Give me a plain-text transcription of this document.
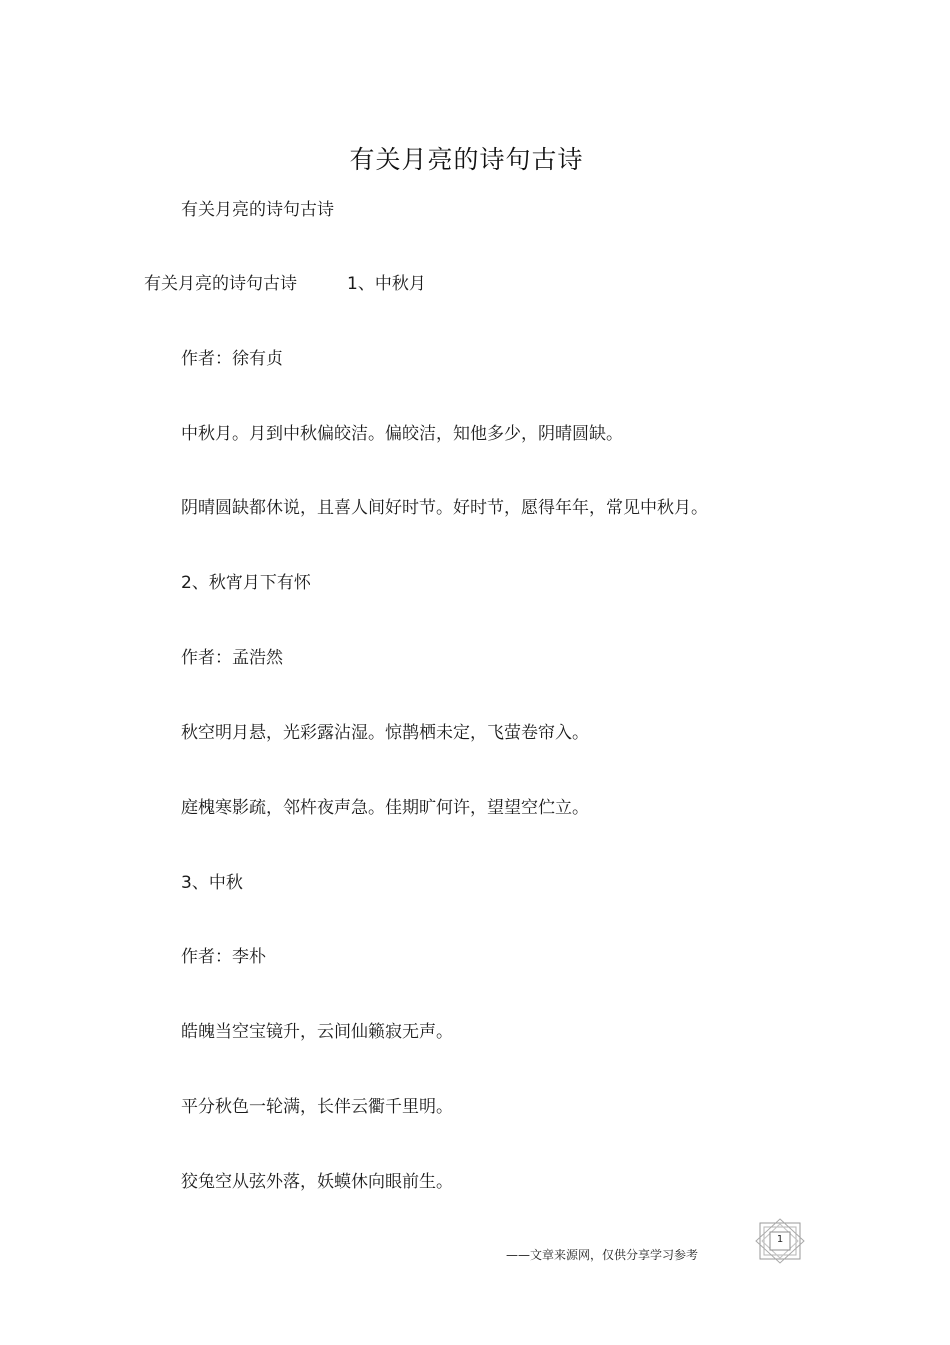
有关月亮的诗句古诗
有关月亮的诗句古诗
有关月亮的诗句古诗	1、中秋月
作者：徐有贞
中秋月。月到中秋偏皎洁。偏皎洁，知他多少，阴晴圆缺。
阴晴圆缺都休说，且喜人间好时节。好时节，愿得年年，常见中秋月。
2、秋宵月下有怀
作者：孟浩然
秋空明月悬，光彩露沾湿。惊鹊栖未定，飞萤卷帘入。
庭槐寒影疏，邻杵夜声急。佳期旷何许，望望空伫立。
3、中秋
作者：李朴
皓魄当空宝镜升，云间仙籁寂无声。
平分秋色一轮满，长伴云衢千里明。
狡兔空从弦外落，妖蟆休向眼前生。
——文章来源网，仅供分享学习参考
1
